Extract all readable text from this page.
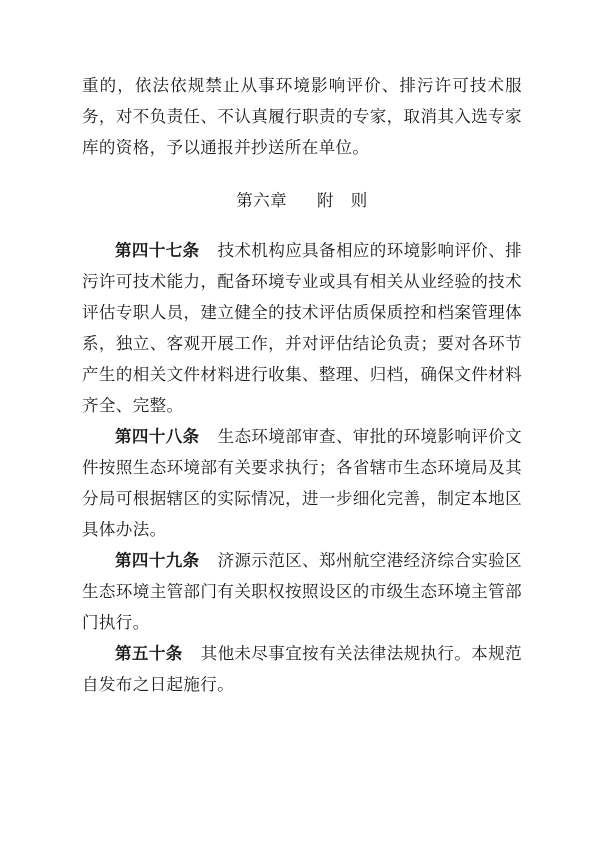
重的，依法依规禁止从事环境影响评价、排污许可技术服务，对不负责任、不认真履行职责的专家，取消其入选专家库的资格，予以通报并抄送所在单位。

第六章 附　则

第四十七条 技术机构应具备相应的环境影响评价、排污许可技术能力，配备环境专业或具有相关从业经验的技术评估专职人员，建立健全的技术评估质保质控和档案管理体系，独立、客观开展工作，并对评估结论负责；要对各环节产生的相关文件材料进行收集、整理、归档，确保文件材料齐全、完整。

第四十八条 生态环境部审查、审批的环境影响评价文件按照生态环境部有关要求执行；各省辖市生态环境局及其分局可根据辖区的实际情况，进一步细化完善，制定本地区具体办法。

第四十九条 济源示范区、郑州航空港经济综合实验区生态环境主管部门有关职权按照设区的市级生态环境主管部门执行。

第五十条 其他未尽事宜按有关法律法规执行。本规范自发布之日起施行。
